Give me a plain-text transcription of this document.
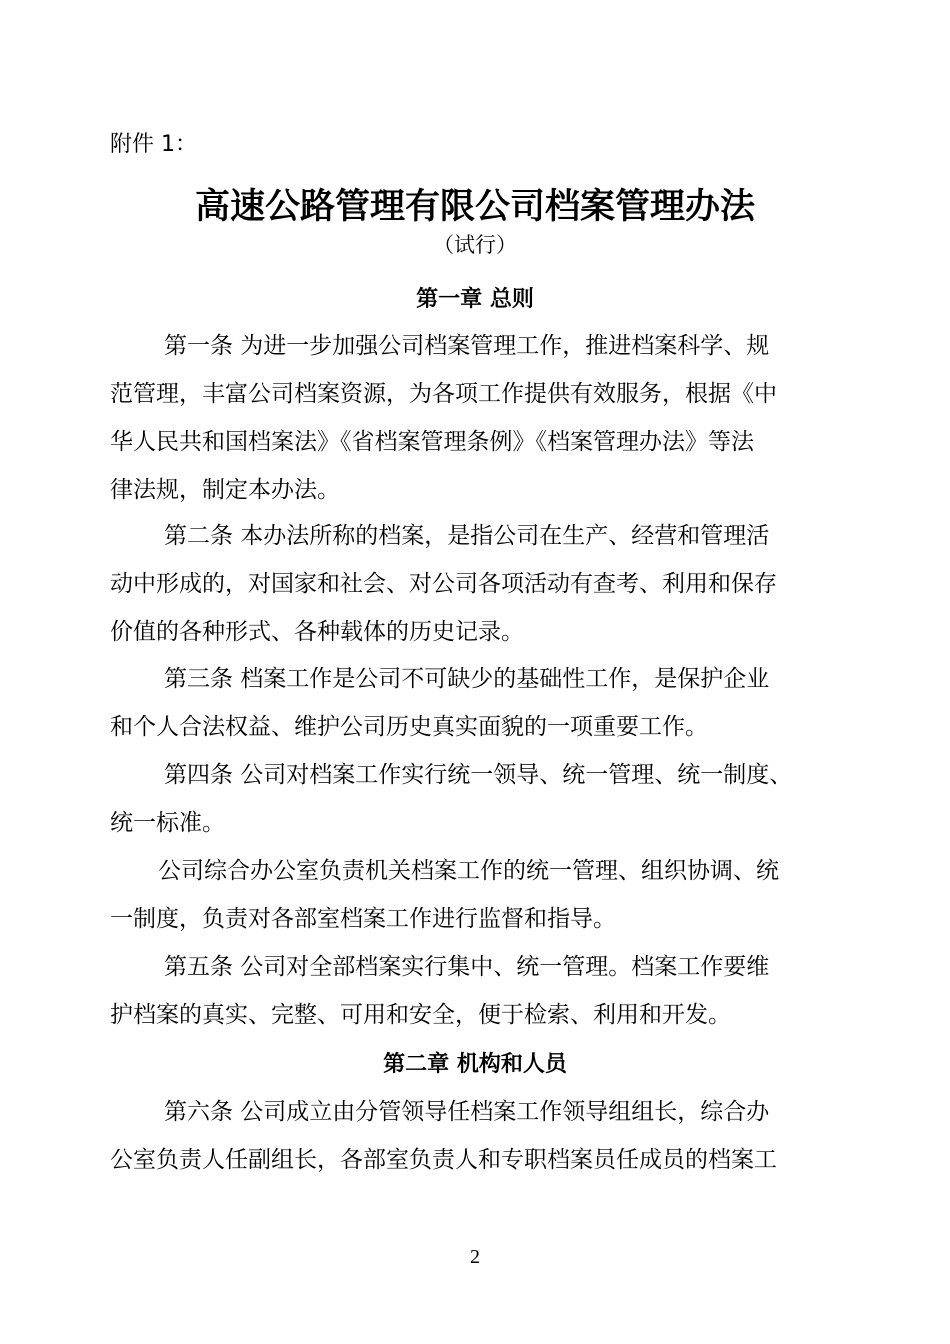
附件 1：
高速公路管理有限公司档案管理办法
（试行）
第一章 总则
第一条 为进一步加强公司档案管理工作，推进档案科学、规
范管理，丰富公司档案资源，为各项工作提供有效服务，根据《中
华人民共和国档案法》《省档案管理条例》《档案管理办法》等法
律法规，制定本办法。
第二条 本办法所称的档案，是指公司在生产、经营和管理活
动中形成的，对国家和社会、对公司各项活动有查考、利用和保存
价值的各种形式、各种载体的历史记录。
第三条 档案工作是公司不可缺少的基础性工作，是保护企业
和个人合法权益、维护公司历史真实面貌的一项重要工作。
第四条 公司对档案工作实行统一领导、统一管理、统一制度、
统一标准。
公司综合办公室负责机关档案工作的统一管理、组织协调、统
一制度，负责对各部室档案工作进行监督和指导。
第五条 公司对全部档案实行集中、统一管理。档案工作要维
护档案的真实、完整、可用和安全，便于检索、利用和开发。
第二章 机构和人员
第六条 公司成立由分管领导任档案工作领导组组长，综合办
公室负责人任副组长，各部室负责人和专职档案员任成员的档案工
2
